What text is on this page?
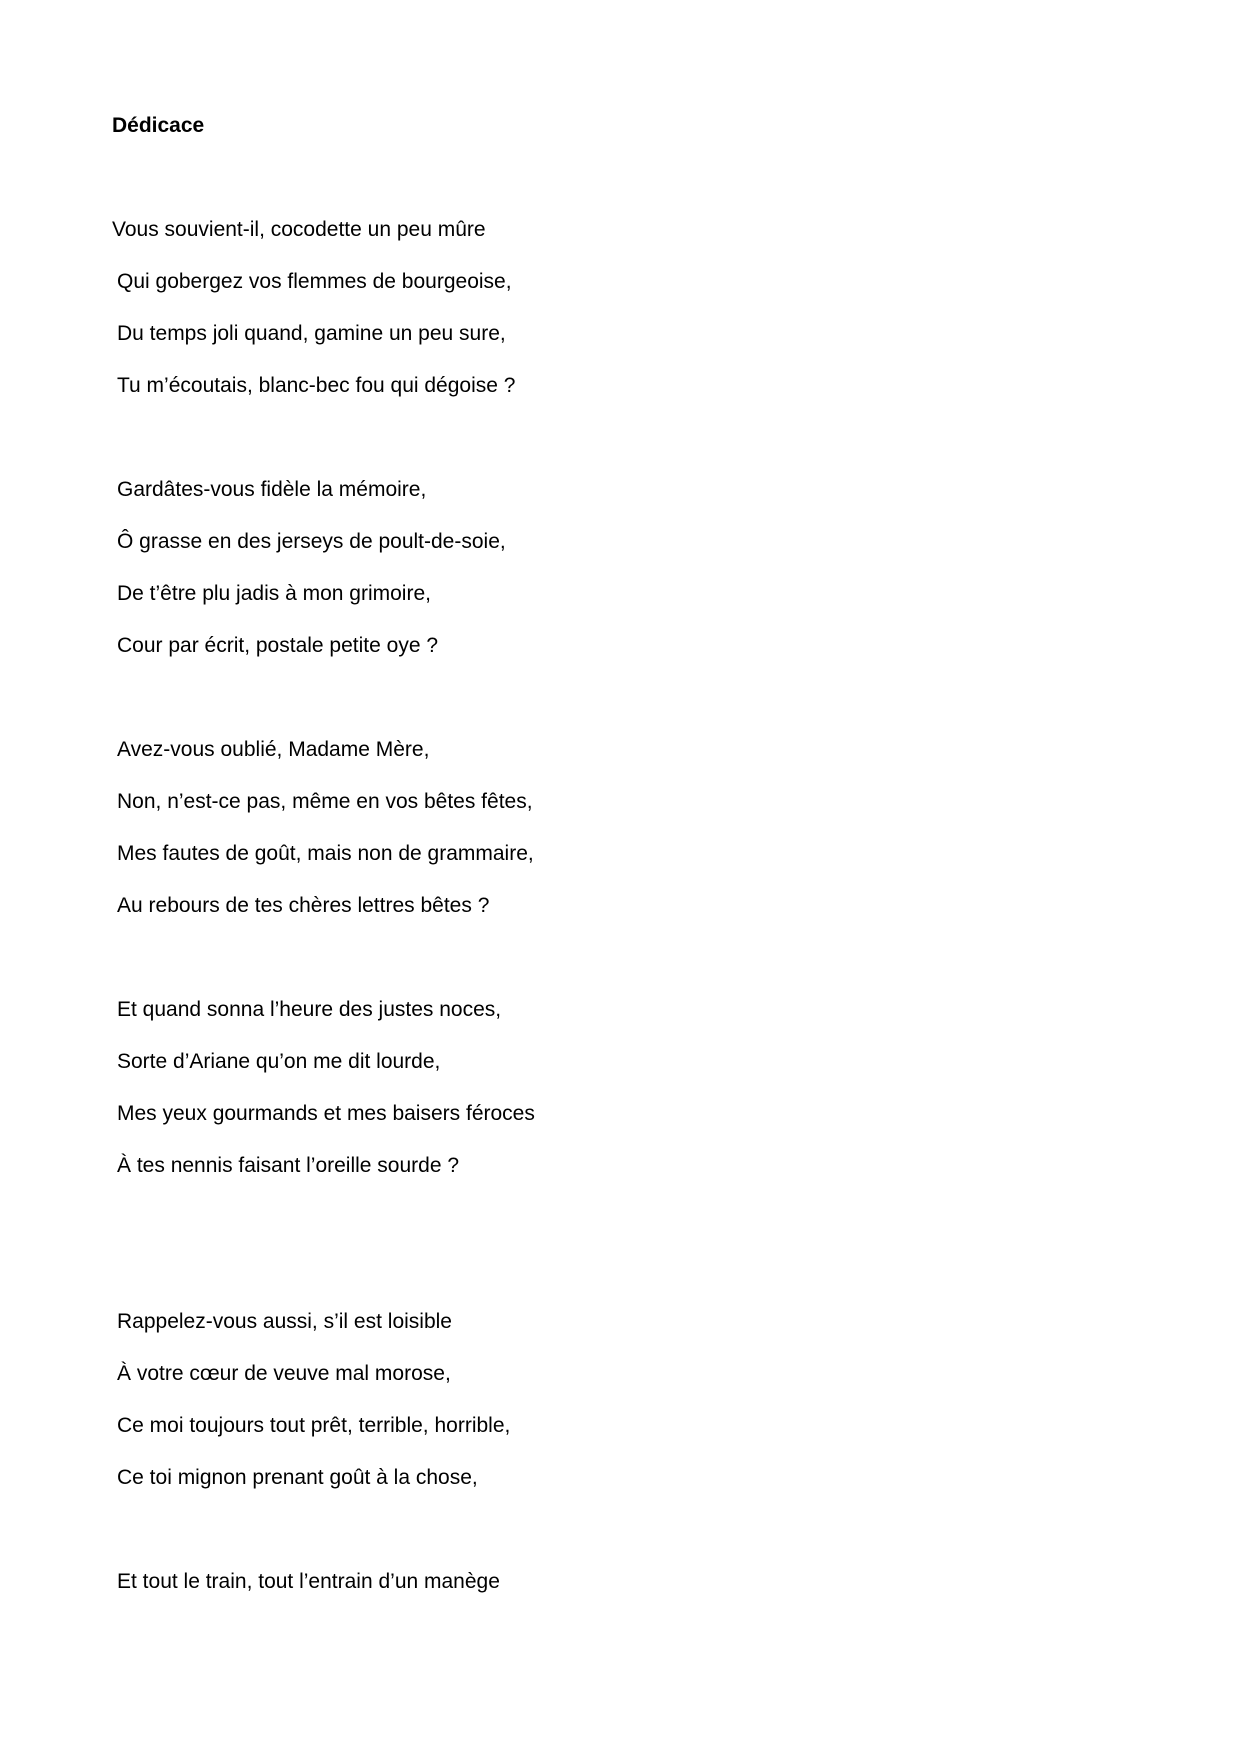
Dédicace
Vous souvient-il, cocodette un peu mûre
Qui gobergez vos flemmes de bourgeoise,
Du temps joli quand, gamine un peu sure,
Tu m’écoutais, blanc-bec fou qui dégoise ?
Gardâtes-vous fidèle la mémoire,
Ô grasse en des jerseys de poult-de-soie,
De t’être plu jadis à mon grimoire,
Cour par écrit, postale petite oye ?
Avez-vous oublié, Madame Mère,
Non, n’est-ce pas, même en vos bêtes fêtes,
Mes fautes de goût, mais non de grammaire,
Au rebours de tes chères lettres bêtes ?
Et quand sonna l’heure des justes noces,
Sorte d’Ariane qu’on me dit lourde,
Mes yeux gourmands et mes baisers féroces
À tes nennis faisant l’oreille sourde ?
Rappelez-vous aussi, s’il est loisible
À votre cœur de veuve mal morose,
Ce moi toujours tout prêt, terrible, horrible,
Ce toi mignon prenant goût à la chose,
Et tout le train, tout l’entrain d’un manège
